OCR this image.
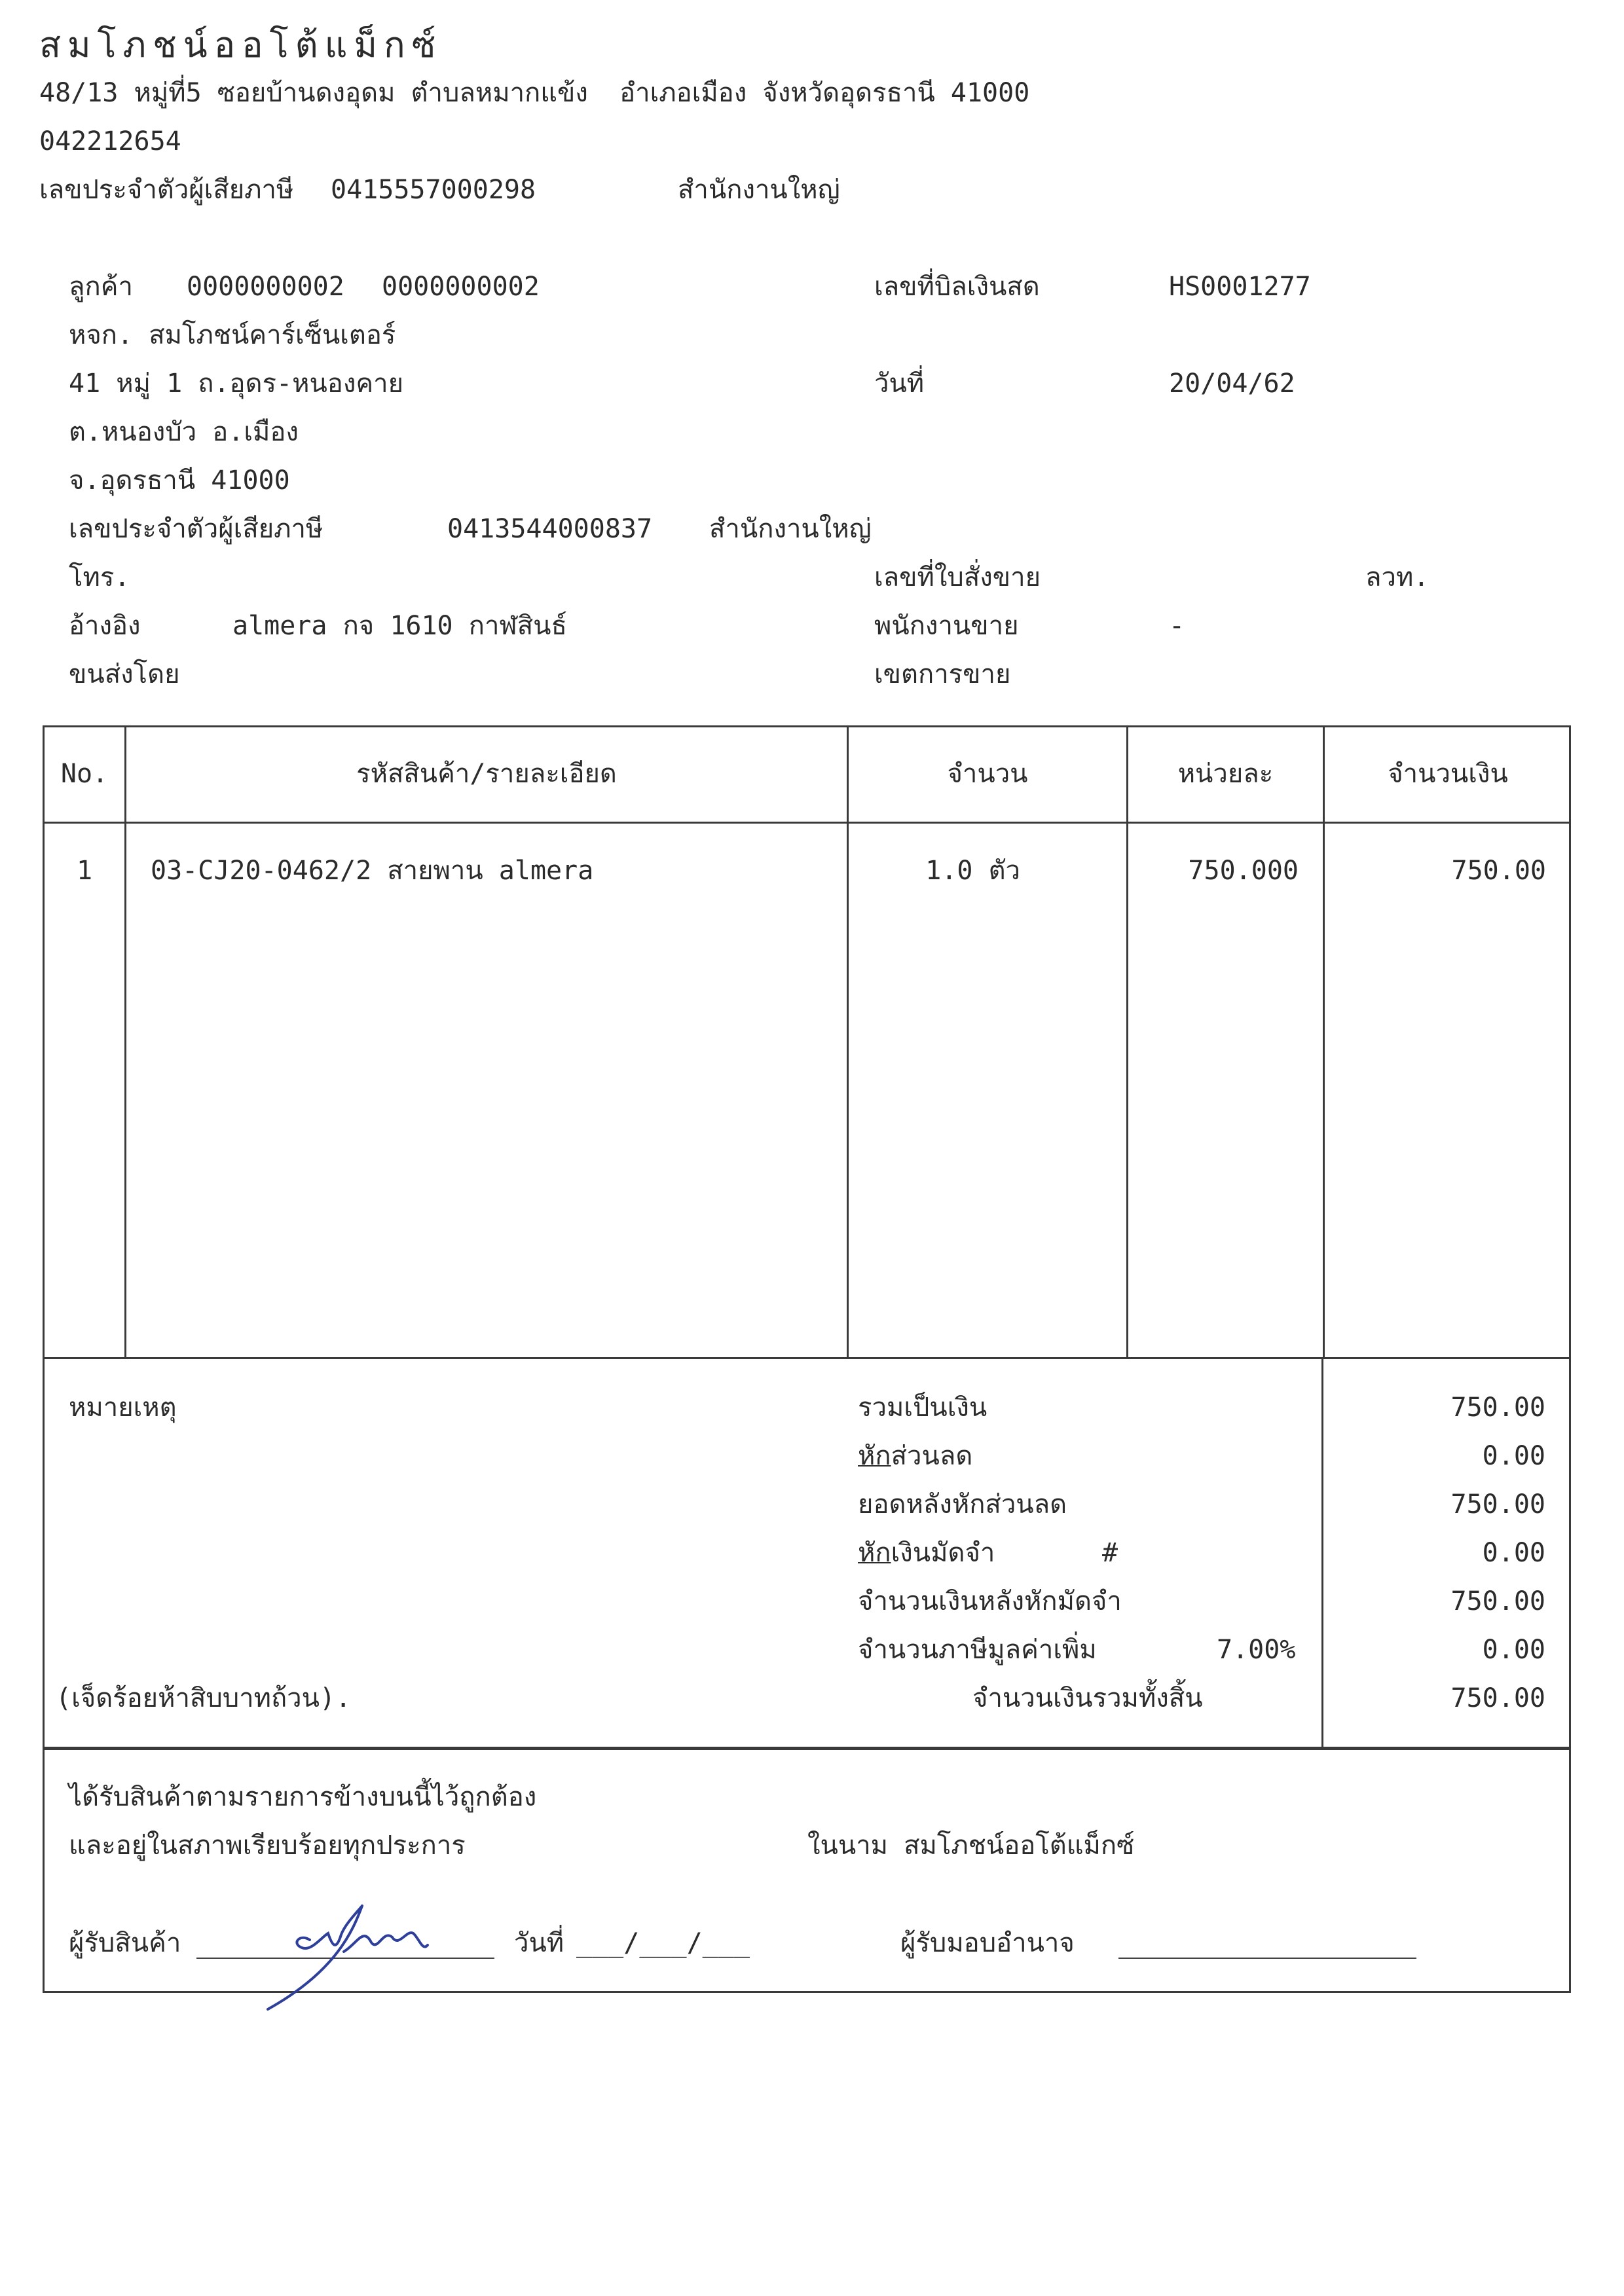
สมโภชน์ออโต้แม็กซ์
48/13 หมู่ที่5 ซอยบ้านดงอุดม ตำบลหมากแข้ง  อำเภอเมือง จังหวัดอุดรธานี 41000
042212654
เลขประจำตัวผู้เสียภาษี 0415557000298	สำนักงานใหญ่
ลูกค้า 0000000002 0000000002
หจก. สมโภชน์คาร์เซ็นเตอร์
41 หมู่ 1 ถ.อุดร-หนองคาย
ต.หนองบัว อ.เมือง
จ.อุดรธานี 41000
เลขประจำตัวผู้เสียภาษี	0413544000837 สำนักงานใหญ่
โทร.
อ้างอิง	almera กจ 1610 กาฬสินธ์
ขนส่งโดย
เลขที่บิลเงินสด	HS0001277
วันที่	20/04/62
เลขที่ใบสั่งขาย	ลวท.
พนักงานขาย	-
เขตการขาย
No.	รหัสสินค้า/รายละเอียด	จำนวน	หน่วยละ	จำนวนเงิน
1	03-CJ20-0462/2 สายพาน almera	1.0 ตัว	750.000	750.00
หมายเหตุ	รวมเป็นเงิน	750.00
หักส่วนลด	0.00
ยอดหลังหักส่วนลด	750.00
หักเงินมัดจำ	#	0.00
จำนวนเงินหลังหักมัดจำ	750.00
จำนวนภาษีมูลค่าเพิ่ม	7.00%	0.00
(เจ็ดร้อยห้าสิบบาทถ้วน).	จำนวนเงินรวมทั้งสิ้น	750.00
ได้รับสินค้าตามรายการข้างบนนี้ไว้ถูกต้อง
และอยู่ในสภาพเรียบร้อยทุกประการ	ในนาม สมโภชน์ออโต้แม็กซ์
ผู้รับสินค้า	วันที่ ___/___/___	ผู้รับมอบอำนาจ
